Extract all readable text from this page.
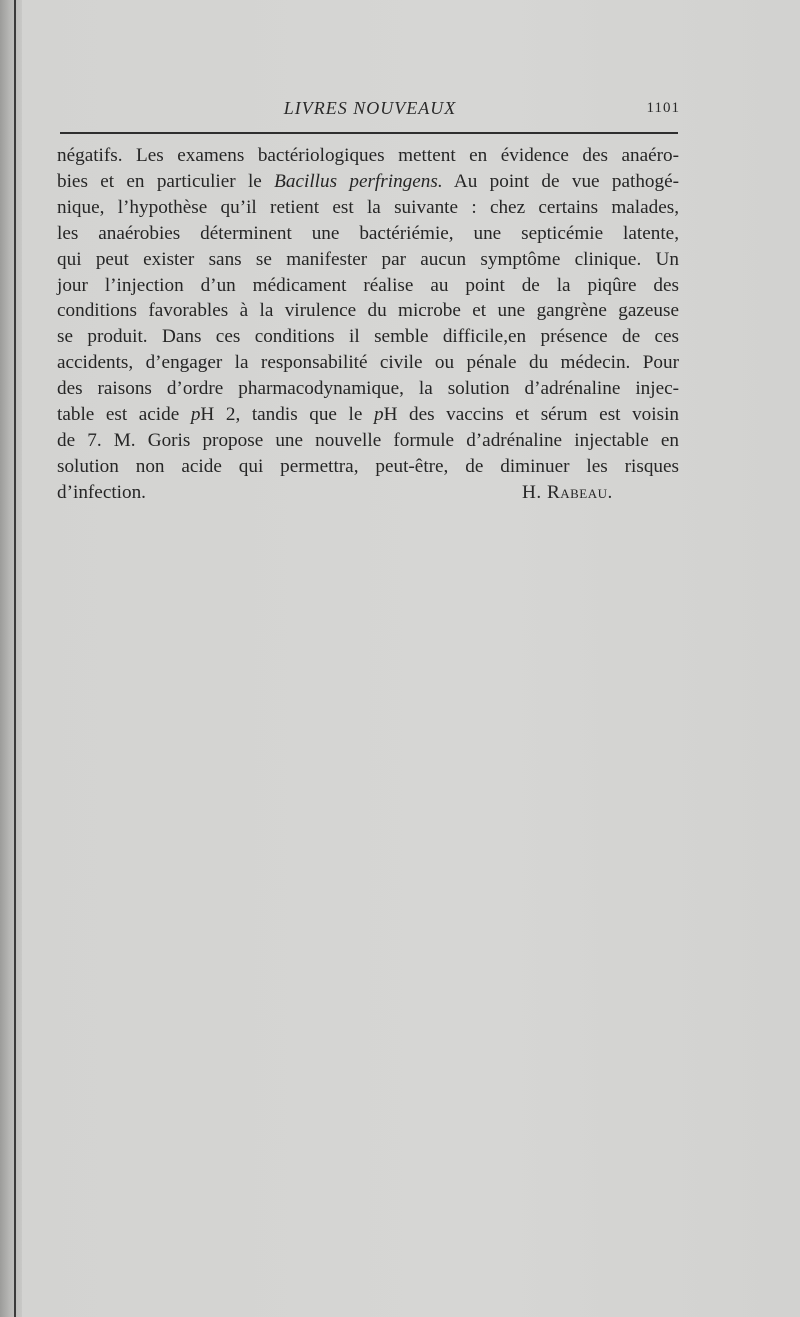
LIVRES NOUVEAUX	1101
négatifs. Les examens bactériologiques mettent en évidence des anaéro-
bies et en particulier le Bacillus perfringens. Au point de vue pathogé-
nique, l’hypothèse qu’il retient est la suivante : chez certains malades,
les anaérobies déterminent une bactériémie, une septicémie latente,
qui peut exister sans se manifester par aucun symptôme clinique. Un
jour l’injection d’un médicament réalise au point de la piqûre des
conditions favorables à la virulence du microbe et une gangrène gazeuse
se produit. Dans ces conditions il semble difficile,en présence de ces
accidents, d’engager la responsabilité civile ou pénale du médecin. Pour
des raisons d’ordre pharmacodynamique, la solution d’adrénaline injec-
table est acide pH 2, tandis que le pH des vaccins et sérum est voisin
de 7. M. Goris propose une nouvelle formule d’adrénaline injectable en
solution non acide qui permettra, peut-être, de diminuer les risques
d’infection.	H. Rabeau.
